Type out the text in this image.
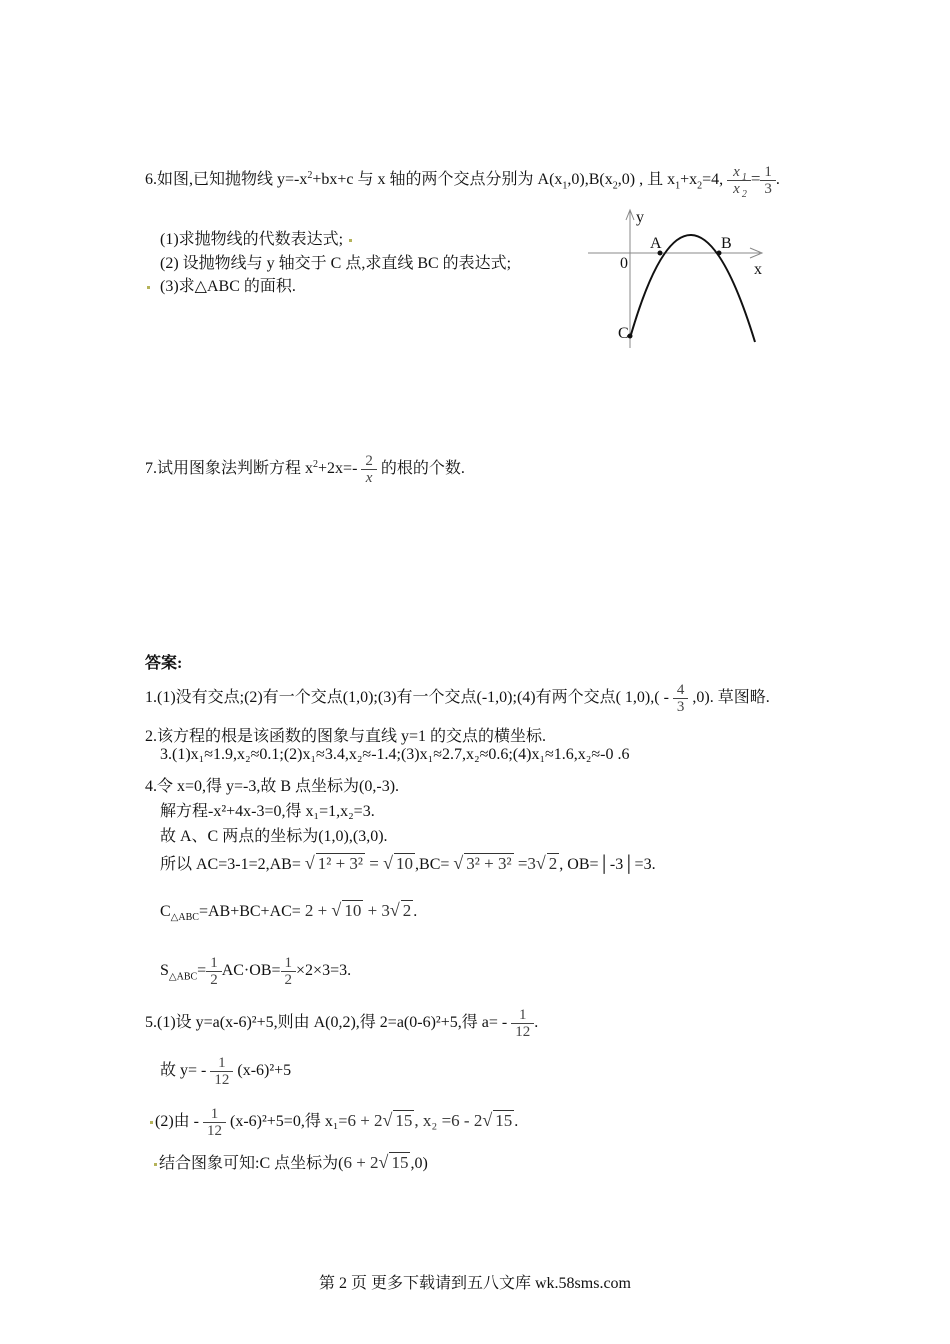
6.如图,已知抛物线 $y=-x^2+bx+c$ 与 x 轴的两个交点分别为 $A(x_1,0),B(x_2,0)$ , 且 $x_1+x_2=4$, $\frac{x _1}{x _2} = \frac{1}{3}$ .
(1)求抛物线的代数表达式;
(2) 设抛物线与 y 轴交于 C 点,求直线 BC 的表达式;
(3)求△ABC 的面积.
y
x
0
A	B
C
7.试用图象法判断方程 $x^2+2x=- \frac{2}{x}$ 的根的个数.
答案:
1.(1)没有交点;(2)有一个交点(1,0);(3)有一个交点(-1,0);(4)有两个交点( $1,0),( - \frac{4}{3} ,0)$. 草图略.
2.该方程的根是该函数的图象与直线 y=1 的交点的横坐标.
3.(1)x₁≈1.9,x₂≈0.1;(2)x₁≈3.4,x₂≈-1.4;(3)x₁≈2.7,x₂≈0.6;(4)x₁≈1.6,x₂≈-0 .6
4.令 x=0,得 y=-3,故 B 点坐标为(0,-3).
解方程-x²+4x-3=0,得 x₁=1,x₂=3.
故 A、C 两点的坐标为(1,0),(3,0).
所以 AC=3-1=2,AB= √ 1² + 3² = √ 10 ,BC= √ 3² + 3² =3√ 2 , OB=│-3│=3.
$C_{\triangle ABC}=AB+BC+AC= 2$ + √ 10 + 3√ 2 .
$S_{\triangle ABC}= \frac{1}{2} AC\cdot OB= \frac{1}{2} \times 2\times 3=3$.
5.(1)设 y=a(x-6)²+5,则由 A(0,2),得 2=a(0-6)²+5,得 $a= - \frac{1}{12}$ .
故 $y= - \frac{1}{12} (x-6)^2+5$
(2)由 - $\frac{1}{12} (x-6)^2+5=0$,得 x₁=6 + 2√ 15 , x₂ =6 - 2√ 15 .
结合图象可知:C 点坐标为(6 + 2√ 15 ,0)
第 2 页 更多下载请到五八文库 wk.58sms.com
